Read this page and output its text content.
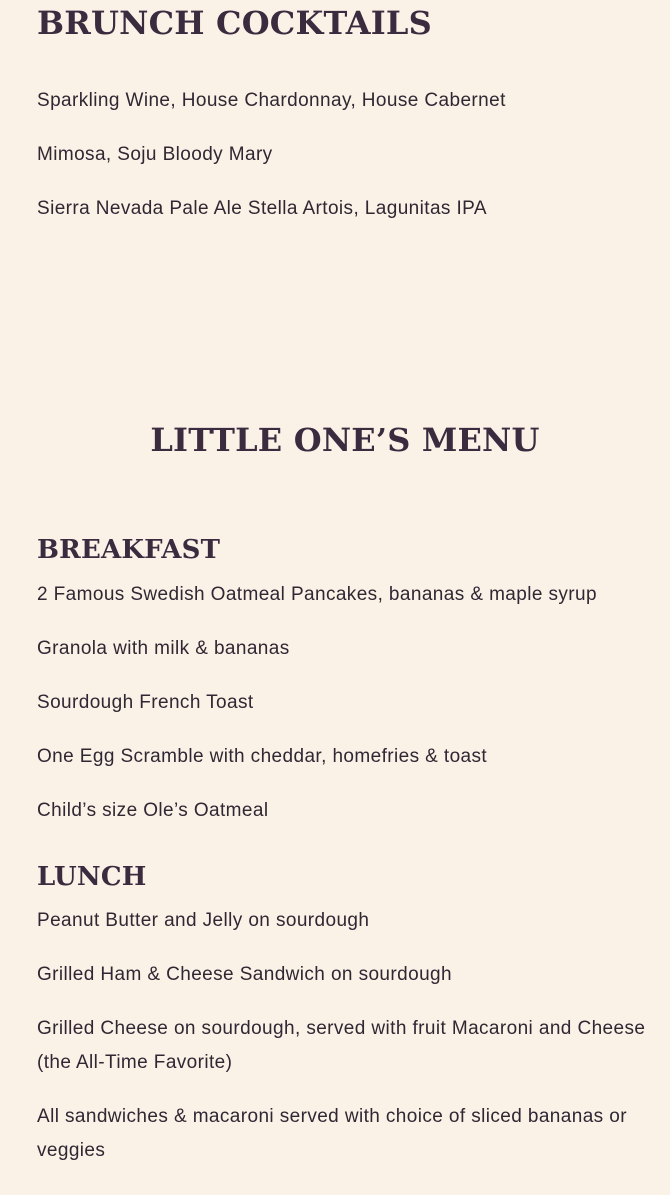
BRUNCH COCKTAILS
Sparkling Wine, House Chardonnay, House Cabernet
Mimosa, Soju Bloody Mary
Sierra Nevada Pale Ale Stella Artois, Lagunitas IPA
LITTLE ONE’S MENU
BREAKFAST
2 Famous Swedish Oatmeal Pancakes, bananas & maple syrup
Granola with milk & bananas
Sourdough French Toast
One Egg Scramble with cheddar, homefries & toast
Child’s size Ole’s Oatmeal
LUNCH
Peanut Butter and Jelly on sourdough
Grilled Ham & Cheese Sandwich on sourdough
Grilled Cheese on sourdough, served with fruit Macaroni and Cheese (the All-Time Favorite)
All sandwiches & macaroni served with choice of sliced bananas or veggies
